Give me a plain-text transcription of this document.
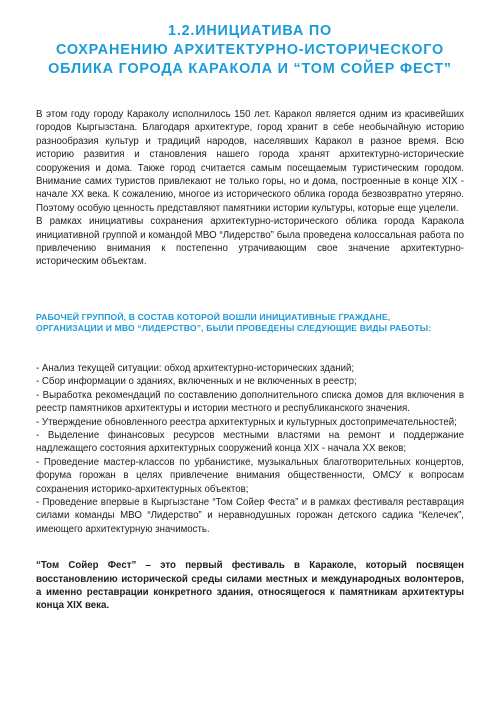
1.2.ИНИЦИАТИВА ПО
СОХРАНЕНИЮ АРХИТЕКТУРНО-ИСТОРИЧЕСКОГО
ОБЛИКА ГОРОДА КАРАКОЛА И “ТОМ СОЙЕР ФЕСТ”

В этом году городу Караколу исполнилось 150 лет. Каракол является одним из красивейших городов Кыргызстана. Благодаря архитектуре, город хранит в себе необычайную историю разнообразия культур и традиций народов, населявших Каракол в разное время. Всю историю развития и становления нашего города хранят архитектурно-исторические сооружения и дома. Также город считается самым посещаемым туристическим городом. Внимание самих туристов привлекают не только горы, но и дома, построенные в конце XIX - начале XX века. К сожалению, многое из исторического облика города безвозвратно утеряно. Поэтому особую ценность представляют памятники истории культуры, которые еще уцелели.

В рамках инициативы сохранения архитектурно-исторического облика города Каракола инициативной группой и командой МВО “Лидерство” была проведена колоссальная работа по привлечению внимания к постепенно утрачивающим свое значение архитектурно-историческим объектам.

РАБОЧЕЙ ГРУППОЙ, В СОСТАВ КОТОРОЙ ВОШЛИ ИНИЦИАТИВНЫЕ ГРАЖДАНЕ,
ОРГАНИЗАЦИИ И МВО “ЛИДЕРСТВО”, БЫЛИ ПРОВЕДЕНЫ СЛЕДУЮЩИЕ ВИДЫ РАБОТЫ:

- Анализ текущей ситуации: обход архитектурно-исторических зданий;

- Сбор информации о зданиях, включенных и не включенных в реестр;

- Выработка рекомендаций по составлению дополнительного списка домов для включения в реестр памятников архитектуры и истории местного и республиканского значения.

- Утверждение обновленного реестра архитектурных и культурных достопримечательностей;

- Выделение финансовых ресурсов местными властями на ремонт и поддержание надлежащего состояния архитектурных сооружений конца XIX - начала XX веков;

- Проведение мастер-классов по урбанистике, музыкальных благотворительных концертов, форума горожан в целях привлечение внимания общественности, ОМСУ к вопросам сохранения историко-архитектурных объектов;

- Проведение впервые в Кыргызстане “Том Сойер Феста” и в рамках фестиваля реставрация силами команды МВО “Лидерство” и неравнодушных горожан детского садика “Келечек”, имеющего архитектурную значимость.

“Том Сойер Фест” – это первый фестиваль в Караколе, который посвящен восстановлению исторической среды силами местных и международных волонтеров, а именно реставрации конкретного здания, относящегося к памятникам архитектуры конца XIX века.
